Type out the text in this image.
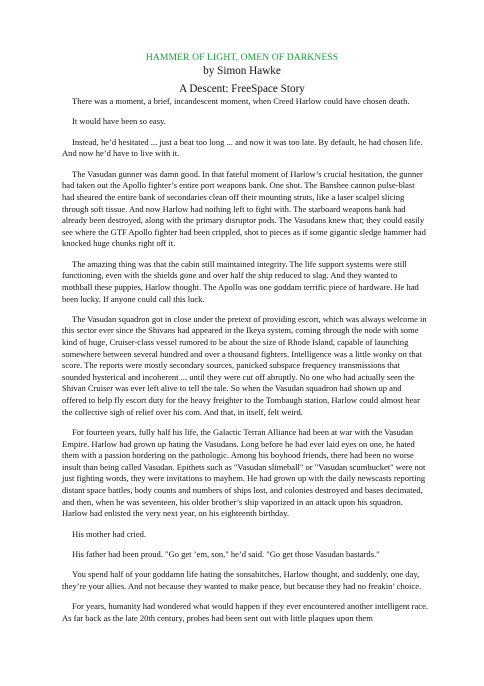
HAMMER OF LIGHT, OMEN OF DARKNESS
by Simon Hawke
A Descent: FreeSpace Story

There was a moment, a brief, incandescent moment, when Creed Harlow could have chosen death.

It would have been so easy.

Instead, he’d hesitated ... just a beat too long ... and now it was too late. By default, he had chosen life. And now he’d have to live with it.

The Vasudan gunner was damn good. In that fateful moment of Harlow’s crucial hesitation, the gunner had taken out the Apollo fighter’s entire port weapons bank. One shot. The Banshee cannon pulse-blast had sheared the entire bank of secondaries clean off their mounting struts, like a laser scalpel slicing through soft tissue. And now Harlow had nothing left to fight with. The starboard weapons bank had already been destroyed, along with the primary disruptor pods. The Vasudans knew that; they could easily see where the GTF Apollo fighter had been crippled, shot to pieces as if some gigantic sledge hammer had knocked huge chunks right off it.

The amazing thing was that the cabin still maintained integrity. The life support systems were still functioning, even with the shields gone and over half the ship reduced to slag. And they wanted to mothball these puppies, Harlow thought. The Apollo was one goddam terrific piece of hardware. He had been lucky. If anyone could call this luck.

The Vasudan squadron got in close under the pretext of providing escort, which was always welcome in this sector ever since the Shivans had appeared in the Ikeya system, coming through the node with some kind of huge, Cruiser-class vessel rumored to be about the size of Rhode Island, capable of launching somewhere between several hundred and over a thousand fighters. Intelligence was a little wonky on that score. The reports were mostly secondary sources, panicked subspace frequency transmissions that sounded hysterical and incoherent ... until they were cut off abruptly. No one who had actually seen the Shivan Cruiser was ever left alive to tell the tale. So when the Vasudan squadron had shown up and offered to help fly escort duty for the heavy freighter to the Tombaugh station, Harlow could almost hear the collective sigh of relief over his com. And that, in itself, felt weird.

For fourteen years, fully half his life, the Galactic Terran Alliance had been at war with the Vasudan Empire. Harlow had grown up hating the Vasudans. Long before he had ever laid eyes on one, he hated them with a passion bordering on the pathologic. Among his boyhood friends, there had been no worse insult than being called Vasudan. Epithets such as "Vasudan slimeball" or "Vasudan scumbucket" were not just fighting words, they were invitations to mayhem. He had grown up with the daily newscasts reporting distant space battles, body counts and numbers of ships lost, and colonies destroyed and bases decimated, and then, when he was seventeen, his older brother’s ship vaporized in an attack upon his squadron. Harlow had enlisted the very next year, on his eighteenth birthday.

His mother had cried.

His father had been proud. "Go get ’em, son," he’d said. "Go get those Vasudan bastards."

You spend half of your goddamn life hating the sonsabitches, Harlow thought, and suddenly, one day, they’re your allies. And not because they wanted to make peace, but because they had no freakin’ choice.

For years, humanity had wondered what would happen if they ever encountered another intelligent race. As far back as the late 20th century, probes had been sent out with little plaques upon them
